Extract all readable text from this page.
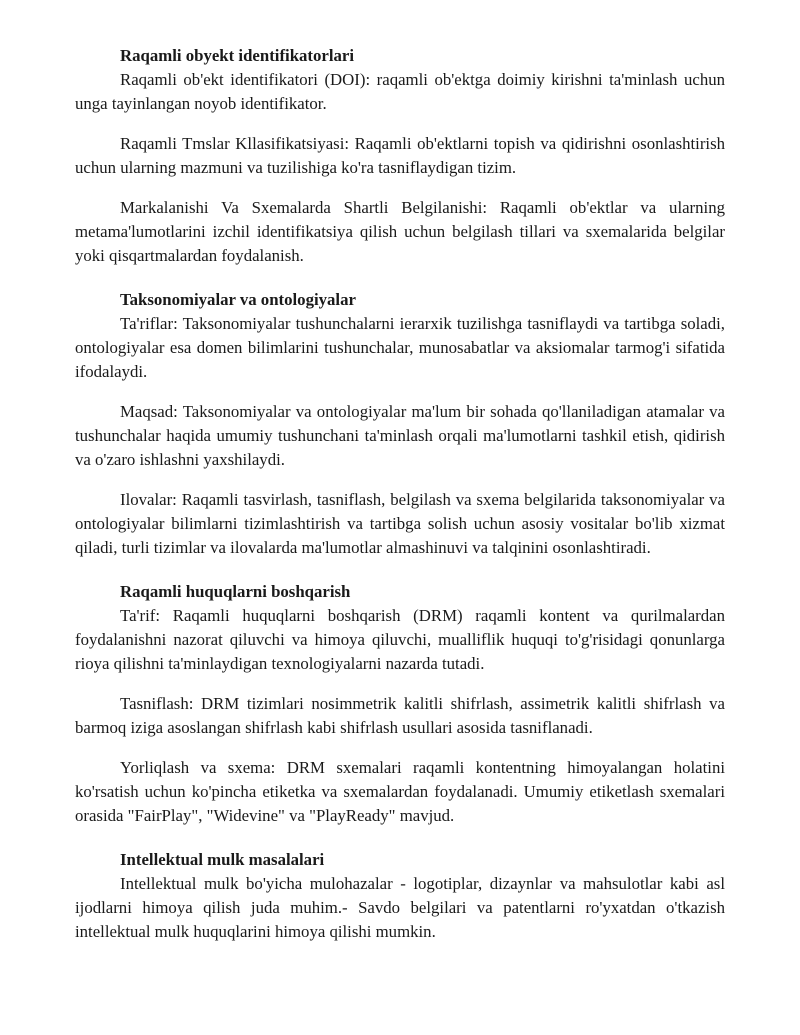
Raqamli obyekt identifikatorlari

Raqamli ob'ekt identifikatori (DOI): raqamli ob'ektga doimiy kirishni ta'minlash uchun unga tayinlangan noyob identifikator.

Raqamli Tmslar Kllasifikatsiyasi: Raqamli ob'ektlarni topish va qidirishni osonlashtirish uchun ularning mazmuni va tuzilishiga ko'ra tasniflaydigan tizim.

Markalanishi Va Sxemalarda Shartli Belgilanishi: Raqamli ob'ektlar va ularning metama'lumotlarini izchil identifikatsiya qilish uchun belgilash tillari va sxemalarida belgilar yoki qisqartmalardan foydalanish.

Taksonomiyalar va ontologiyalar

Ta'riflar: Taksonomiyalar tushunchalarni ierarxik tuzilishga tasniflaydi va tartibga soladi, ontologiyalar esa domen bilimlarini tushunchalar, munosabatlar va aksiomalar tarmog'i sifatida ifodalaydi.

Maqsad: Taksonomiyalar va ontologiyalar ma'lum bir sohada qo'llaniladigan atamalar va tushunchalar haqida umumiy tushunchani ta'minlash orqali ma'lumotlarni tashkil etish, qidirish va o'zaro ishlashni yaxshilaydi.

Ilovalar: Raqamli tasvirlash, tasniflash, belgilash va sxema belgilarida taksonomiyalar va ontologiyalar bilimlarni tizimlashtirish va tartibga solish uchun asosiy vositalar bo'lib xizmat qiladi, turli tizimlar va ilovalarda ma'lumotlar almashinuvi va talqinini osonlashtiradi.

Raqamli huquqlarni boshqarish

Ta'rif: Raqamli huquqlarni boshqarish (DRM) raqamli kontent va qurilmalardan foydalanishni nazorat qiluvchi va himoya qiluvchi, mualliflik huquqi to'g'risidagi qonunlarga rioya qilishni ta'minlaydigan texnologiyalarni nazarda tutadi.

Tasniflash: DRM tizimlari nosimmetrik kalitli shifrlash, assimetrik kalitli shifrlash va barmoq iziga asoslangan shifrlash kabi shifrlash usullari asosida tasniflanadi.

Yorliqlash va sxema: DRM sxemalari raqamli kontentning himoyalangan holatini ko'rsatish uchun ko'pincha etiketka va sxemalardan foydalanadi. Umumiy etiketlash sxemalari orasida "FairPlay", "Widevine" va "PlayReady" mavjud.

Intellektual mulk masalalari

Intellektual mulk bo'yicha mulohazalar - logotiplar, dizaynlar va mahsulotlar kabi asl ijodlarni himoya qilish juda muhim.- Savdo belgilari va patentlarni ro'yxatdan o'tkazish intellektual mulk huquqlarini himoya qilishi mumkin.
